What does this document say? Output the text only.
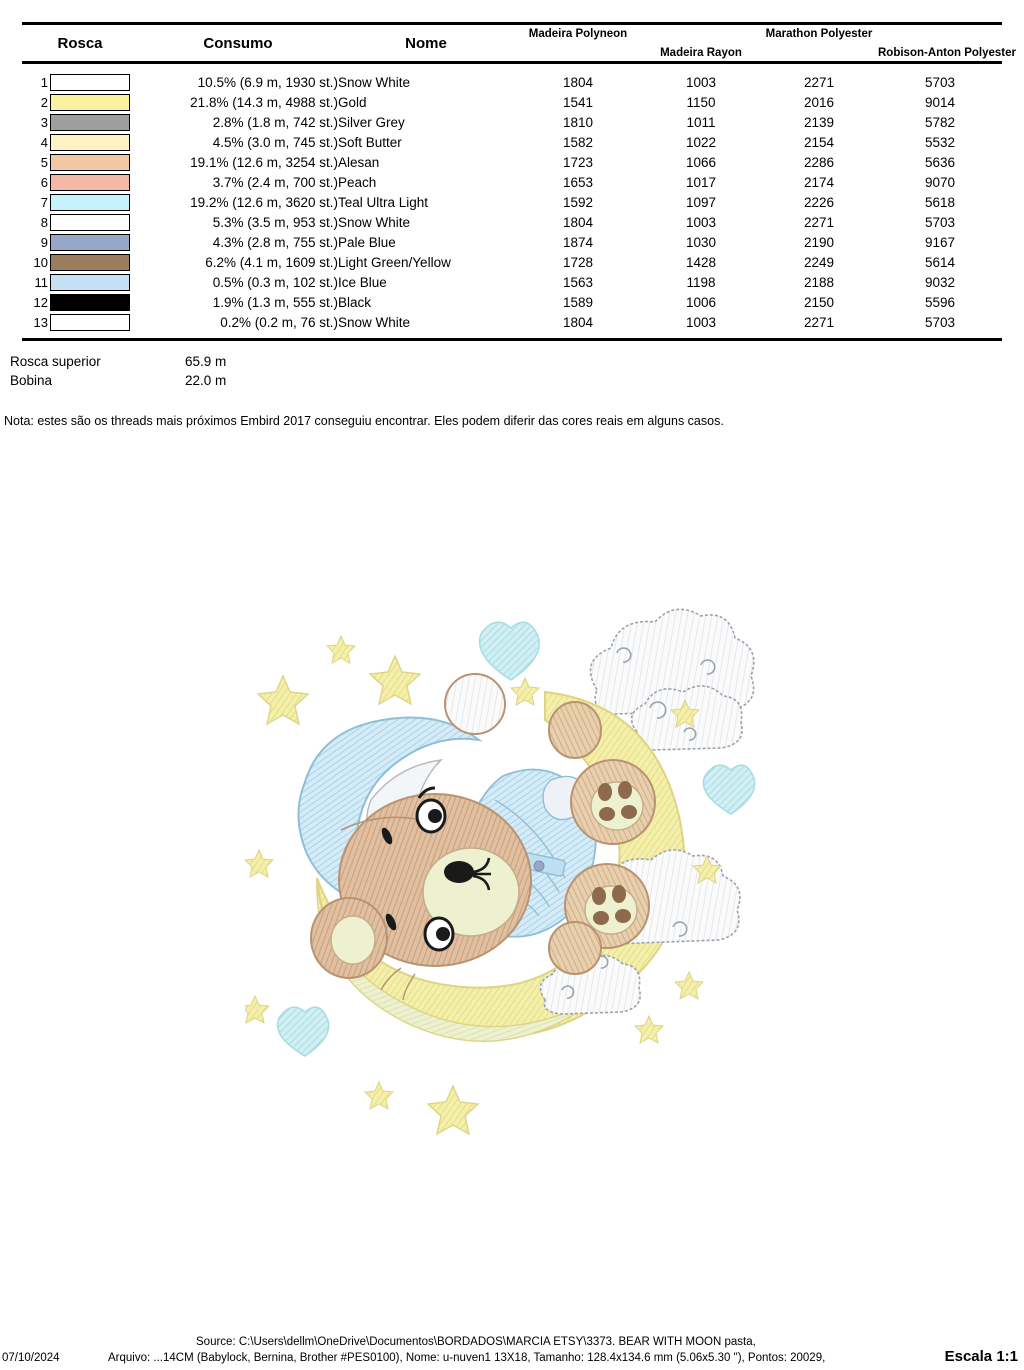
Rosca	Consumo	Nome	Madeira Polyneon	Madeira Rayon	Marathon Polyester	Robison-Anton Polyester
1	10.5% (6.9 m, 1930 st.)	Snow White	1804	1003	2271	5703

2	21.8% (14.3 m, 4988 st.)	Gold	1541	1150	2016	9014

3	2.8% (1.8 m, 742 st.)	Silver Grey	1810	1011	2139	5782

4	4.5% (3.0 m, 745 st.)	Soft Butter	1582	1022	2154	5532

5	19.1% (12.6 m, 3254 st.)	Alesan	1723	1066	2286	5636

6	3.7% (2.4 m, 700 st.)	Peach	1653	1017	2174	9070

7	19.2% (12.6 m, 3620 st.)	Teal Ultra Light	1592	1097	2226	5618

8	5.3% (3.5 m, 953 st.)	Snow White	1804	1003	2271	5703

9	4.3% (2.8 m, 755 st.)	Pale Blue	1874	1030	2190	9167

10	6.2% (4.1 m, 1609 st.)	Light Green/Yellow	1728	1428	2249	5614

11	0.5% (0.3 m, 102 st.)	Ice Blue	1563	1198	2188	9032

12	1.9% (1.3 m, 555 st.)	Black	1589	1006	2150	5596

13	0.2% (0.2 m, 76 st.)	Snow White	1804	1003	2271	5703
Rosca superior	65.9 m
Bobina	22.0 m
Nota: estes são os threads mais próximos Embird 2017 conseguiu encontrar. Eles podem diferir das cores reais em alguns casos.
07/10/2024
Source: C:\Users\dellm\OneDrive\Documentos\BORDADOS\MARCIA ETSY\3373. BEAR WITH MOON pasta,
Arquivo: ...14CM (Babylock, Bernina, Brother #PES0100), Nome: u-nuven1 13X18, Tamanho: 128.4x134.6 mm (5.06x5.30 "), Pontos: 20029,	Escala 1:1
